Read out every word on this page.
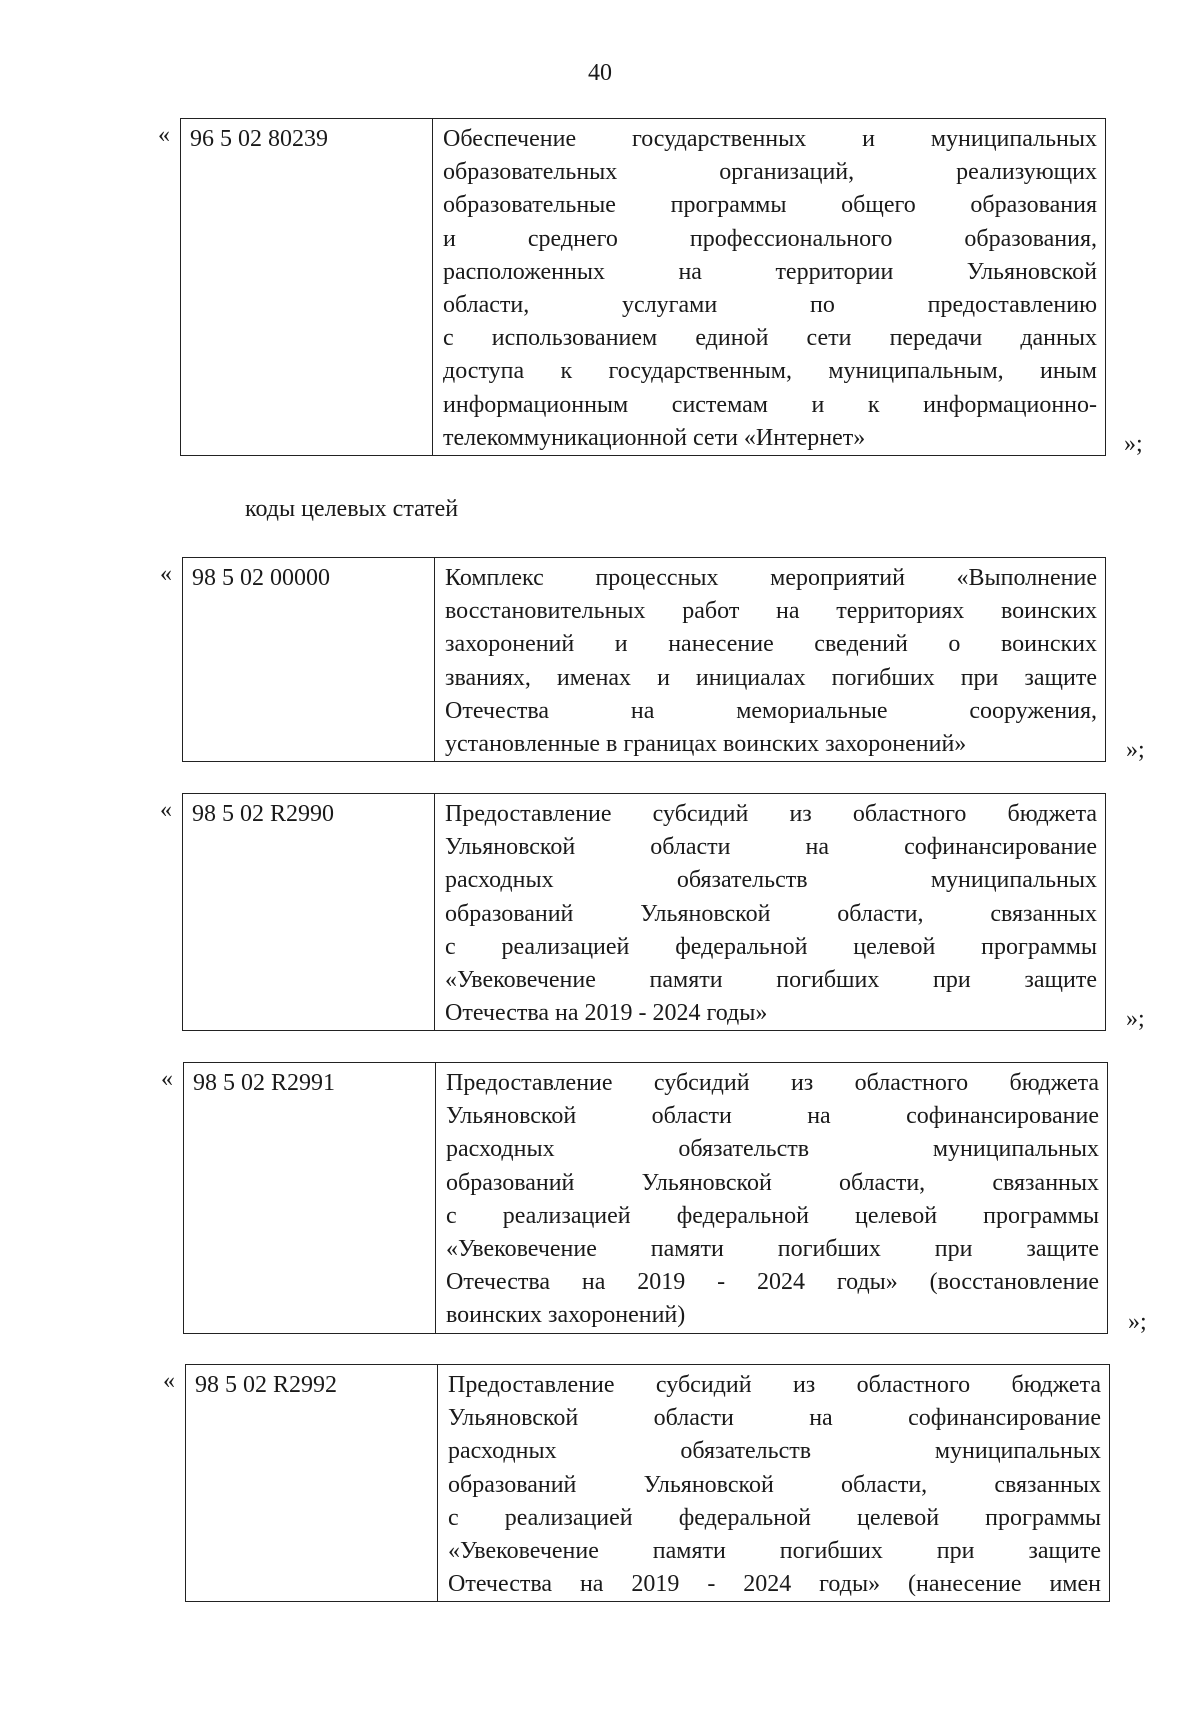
40
« 96 5 02 80239	Обеспечение государственных и муниципальных
образовательных организаций, реализующих
образовательные программы общего образования
и среднего профессионального образования,
расположенных на территории Ульяновской
области, услугами по предоставлению
с использованием единой сети передачи данных
доступа к государственным, муниципальным, иным
информационным системам и к информационно-
телекоммуникационной сети «Интернет»	»;
коды целевых статей
« 98 5 02 00000	Комплекс процессных мероприятий «Выполнение
восстановительных работ на территориях воинских
захоронений и нанесение сведений о воинских
званиях, именах и инициалах погибших при защите
Отечества на мемориальные сооружения,
установленные в границах воинских захоронений»	»;
« 98 5 02 R2990	Предоставление субсидий из областного бюджета
Ульяновской области на софинансирование
расходных обязательств муниципальных
образований Ульяновской области, связанных
с реализацией федеральной целевой программы
«Увековечение памяти погибших при защите
Отечества на 2019 - 2024 годы»	»;
« 98 5 02 R2991	Предоставление субсидий из областного бюджета
Ульяновской области на софинансирование
расходных обязательств муниципальных
образований Ульяновской области, связанных
с реализацией федеральной целевой программы
«Увековечение памяти погибших при защите
Отечества на 2019 - 2024 годы» (восстановление
воинских захоронений)	»;
« 98 5 02 R2992	Предоставление субсидий из областного бюджета
Ульяновской области на софинансирование
расходных обязательств муниципальных
образований Ульяновской области, связанных
с реализацией федеральной целевой программы
«Увековечение памяти погибших при защите
Отечества на 2019 - 2024 годы» (нанесение имен
